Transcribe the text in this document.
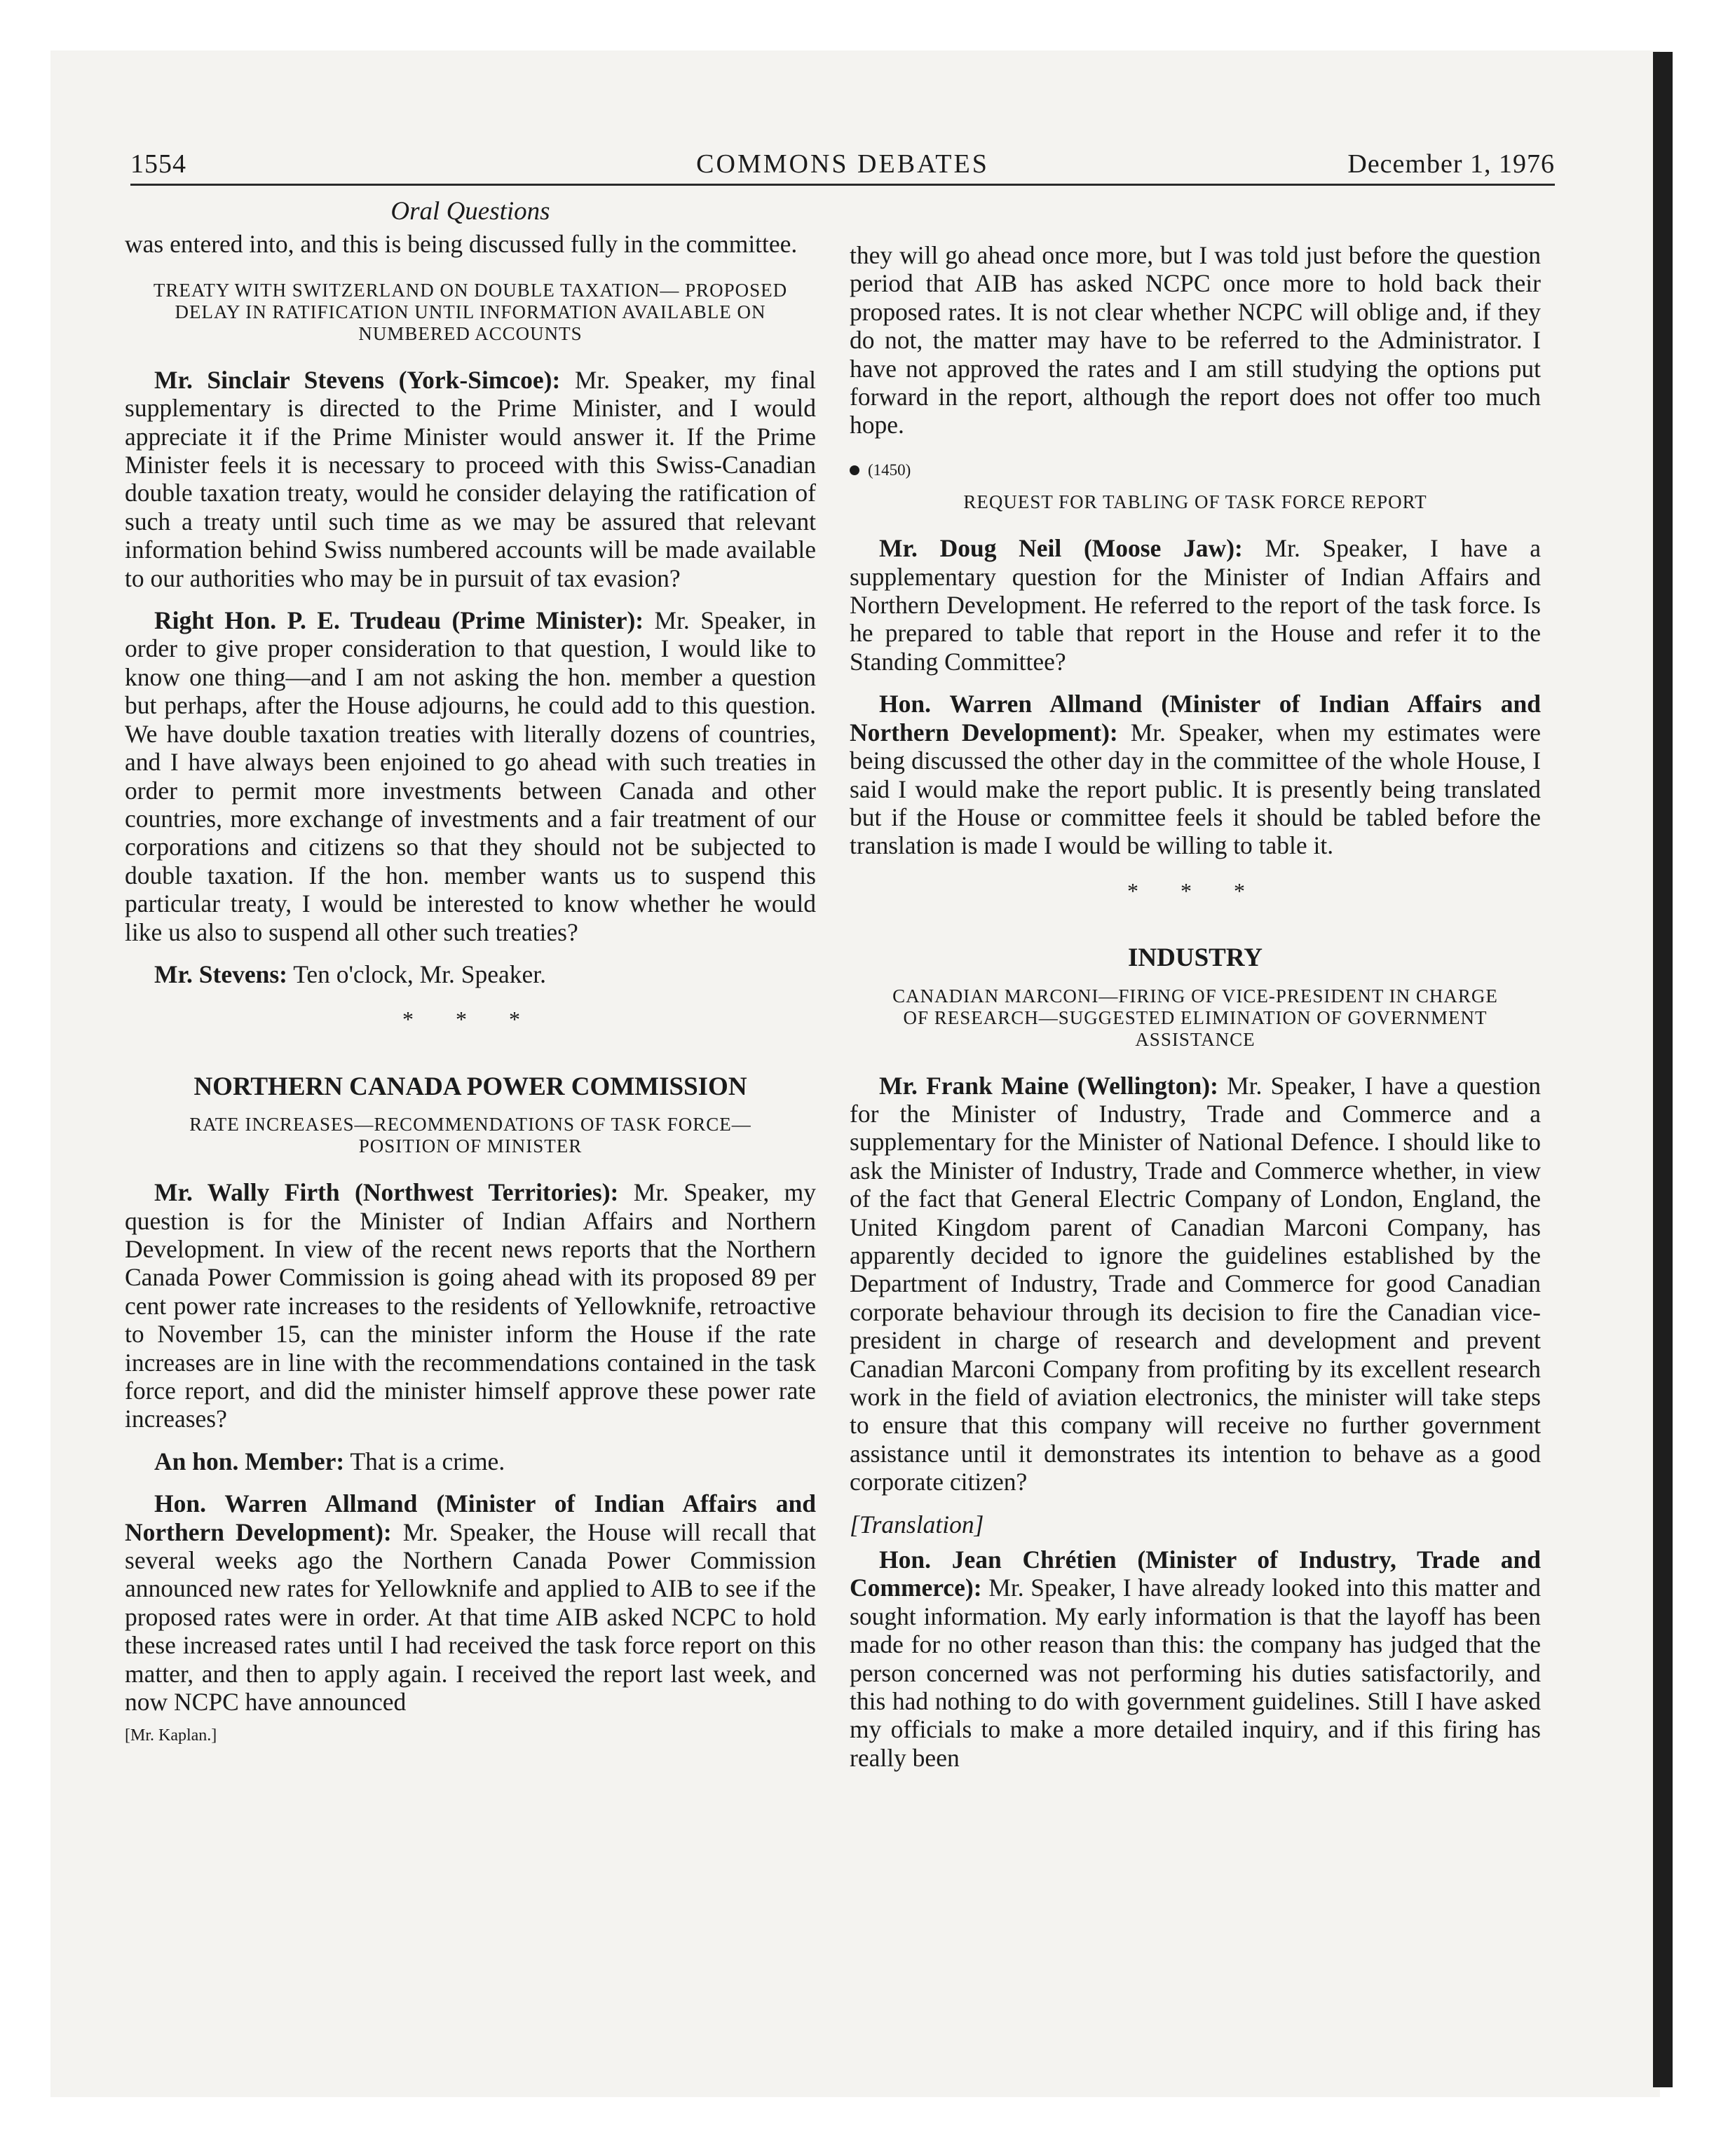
1554	COMMONS DEBATES	December 1, 1976
Oral Questions

was entered into, and this is being discussed fully in the committee.

TREATY WITH SWITZERLAND ON DOUBLE TAXATION— PROPOSED DELAY IN RATIFICATION UNTIL INFORMATION AVAILABLE ON NUMBERED ACCOUNTS

Mr. Sinclair Stevens (York-Simcoe): Mr. Speaker, my final supplementary is directed to the Prime Minister, and I would appreciate it if the Prime Minister would answer it. If the Prime Minister feels it is necessary to proceed with this Swiss-Canadian double taxation treaty, would he consider delaying the ratification of such a treaty until such time as we may be assured that relevant information behind Swiss numbered accounts will be made available to our authorities who may be in pursuit of tax evasion?

Right Hon. P. E. Trudeau (Prime Minister): Mr. Speaker, in order to give proper consideration to that question, I would like to know one thing—and I am not asking the hon. member a question but perhaps, after the House adjourns, he could add to this question. We have double taxation treaties with literally dozens of countries, and I have always been enjoined to go ahead with such treaties in order to permit more investments between Canada and other countries, more exchange of investments and a fair treatment of our corporations and citizens so that they should not be subjected to double taxation. If the hon. member wants us to suspend this particular treaty, I would be interested to know whether he would like us also to suspend all other such treaties?

Mr. Stevens: Ten o'clock, Mr. Speaker.

* * *
NORTHERN CANADA POWER COMMISSION
RATE INCREASES—RECOMMENDATIONS OF TASK FORCE— POSITION OF MINISTER

Mr. Wally Firth (Northwest Territories): Mr. Speaker, my question is for the Minister of Indian Affairs and Northern Development. In view of the recent news reports that the Northern Canada Power Commission is going ahead with its proposed 89 per cent power rate increases to the residents of Yellowknife, retroactive to November 15, can the minister inform the House if the rate increases are in line with the recommendations contained in the task force report, and did the minister himself approve these power rate increases?

An hon. Member: That is a crime.

Hon. Warren Allmand (Minister of Indian Affairs and Northern Development): Mr. Speaker, the House will recall that several weeks ago the Northern Canada Power Commission announced new rates for Yellowknife and applied to AIB to see if the proposed rates were in order. At that time AIB asked NCPC to hold these increased rates until I had received the task force report on this matter, and then to apply again. I received the report last week, and now NCPC have announced

[Mr. Kaplan.]

they will go ahead once more, but I was told just before the question period that AIB has asked NCPC once more to hold back their proposed rates. It is not clear whether NCPC will oblige and, if they do not, the matter may have to be referred to the Administrator. I have not approved the rates and I am still studying the options put forward in the report, although the report does not offer too much hope.

(1450)
REQUEST FOR TABLING OF TASK FORCE REPORT

Mr. Doug Neil (Moose Jaw): Mr. Speaker, I have a supplementary question for the Minister of Indian Affairs and Northern Development. He referred to the report of the task force. Is he prepared to table that report in the House and refer it to the Standing Committee?

Hon. Warren Allmand (Minister of Indian Affairs and Northern Development): Mr. Speaker, when my estimates were being discussed the other day in the committee of the whole House, I said I would make the report public. It is presently being translated but if the House or committee feels it should be tabled before the translation is made I would be willing to table it.

* * *
INDUSTRY
CANADIAN MARCONI—FIRING OF VICE-PRESIDENT IN CHARGE OF RESEARCH—SUGGESTED ELIMINATION OF GOVERNMENT ASSISTANCE

Mr. Frank Maine (Wellington): Mr. Speaker, I have a question for the Minister of Industry, Trade and Commerce and a supplementary for the Minister of National Defence. I should like to ask the Minister of Industry, Trade and Commerce whether, in view of the fact that General Electric Company of London, England, the United Kingdom parent of Canadian Marconi Company, has apparently decided to ignore the guidelines established by the Department of Industry, Trade and Commerce for good Canadian corporate behaviour through its decision to fire the Canadian vice-president in charge of research and development and prevent Canadian Marconi Company from profiting by its excellent research work in the field of aviation electronics, the minister will take steps to ensure that this company will receive no further government assistance until it demonstrates its intention to behave as a good corporate citizen?

[Translation]

Hon. Jean Chrétien (Minister of Industry, Trade and Commerce): Mr. Speaker, I have already looked into this matter and sought information. My early information is that the layoff has been made for no other reason than this: the company has judged that the person concerned was not performing his duties satisfactorily, and this had nothing to do with government guidelines. Still I have asked my officials to make a more detailed inquiry, and if this firing has really been
